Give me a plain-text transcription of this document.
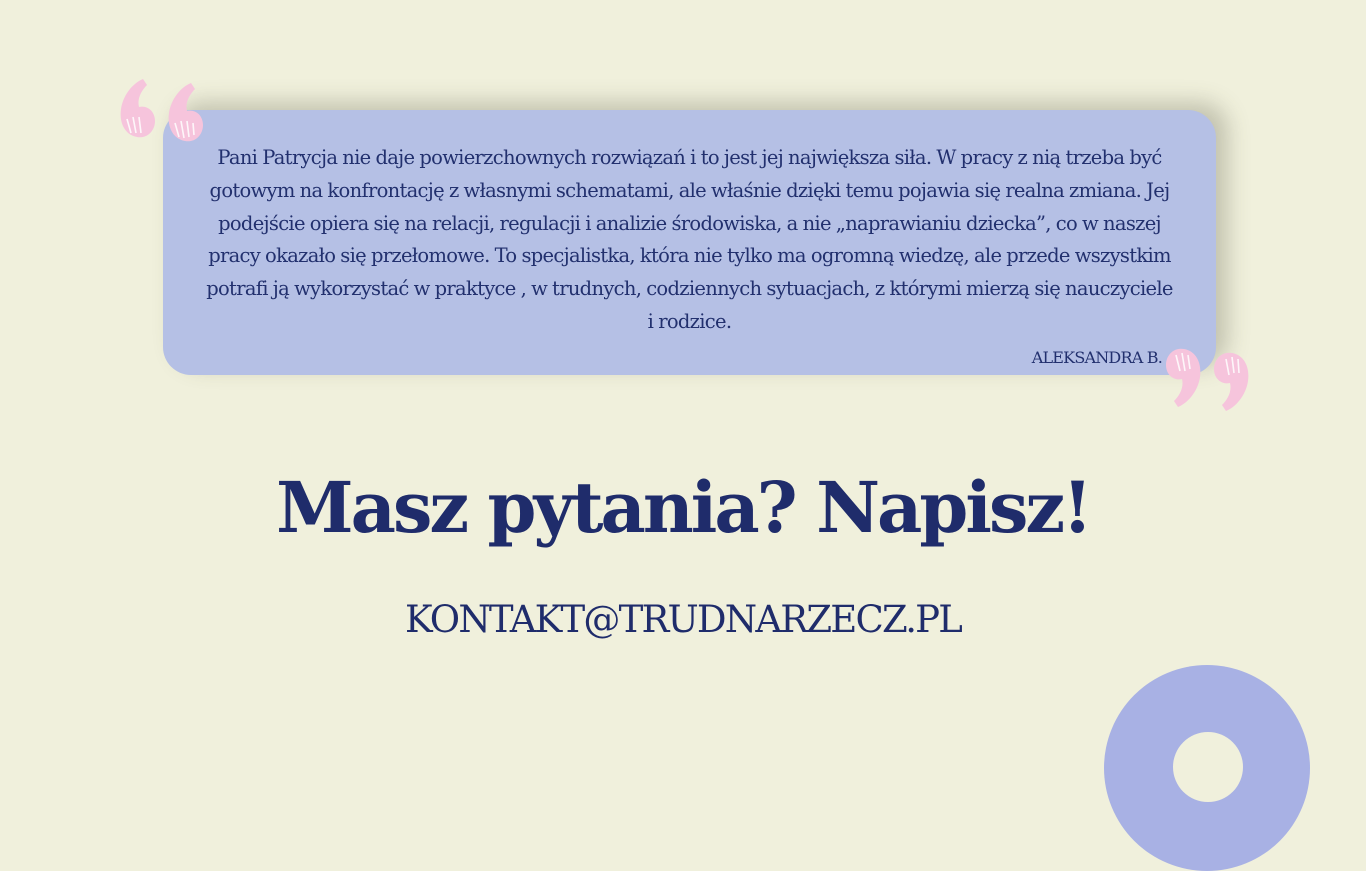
Pani Patrycja nie daje powierzchownych rozwiązań i to jest jej największa siła. W pracy z nią trzeba być gotowym na konfrontację z własnymi schematami, ale właśnie dzięki temu pojawia się realna zmiana. Jej podejście opiera się na relacji, regulacji i analizie środowiska, a nie „naprawianiu dziecka”, co w naszej pracy okazało się przełomowe. To specjalistka, która nie tylko ma ogromną wiedzę, ale przede wszystkim potrafi ją wykorzystać w praktyce , w trudnych, codziennych sytuacjach, z którymi mierzą się nauczyciele i rodzice.

ALEKSANDRA B.
Masz pytania? Napisz!
KONTAKT@TRUDNARZECZ.PL
